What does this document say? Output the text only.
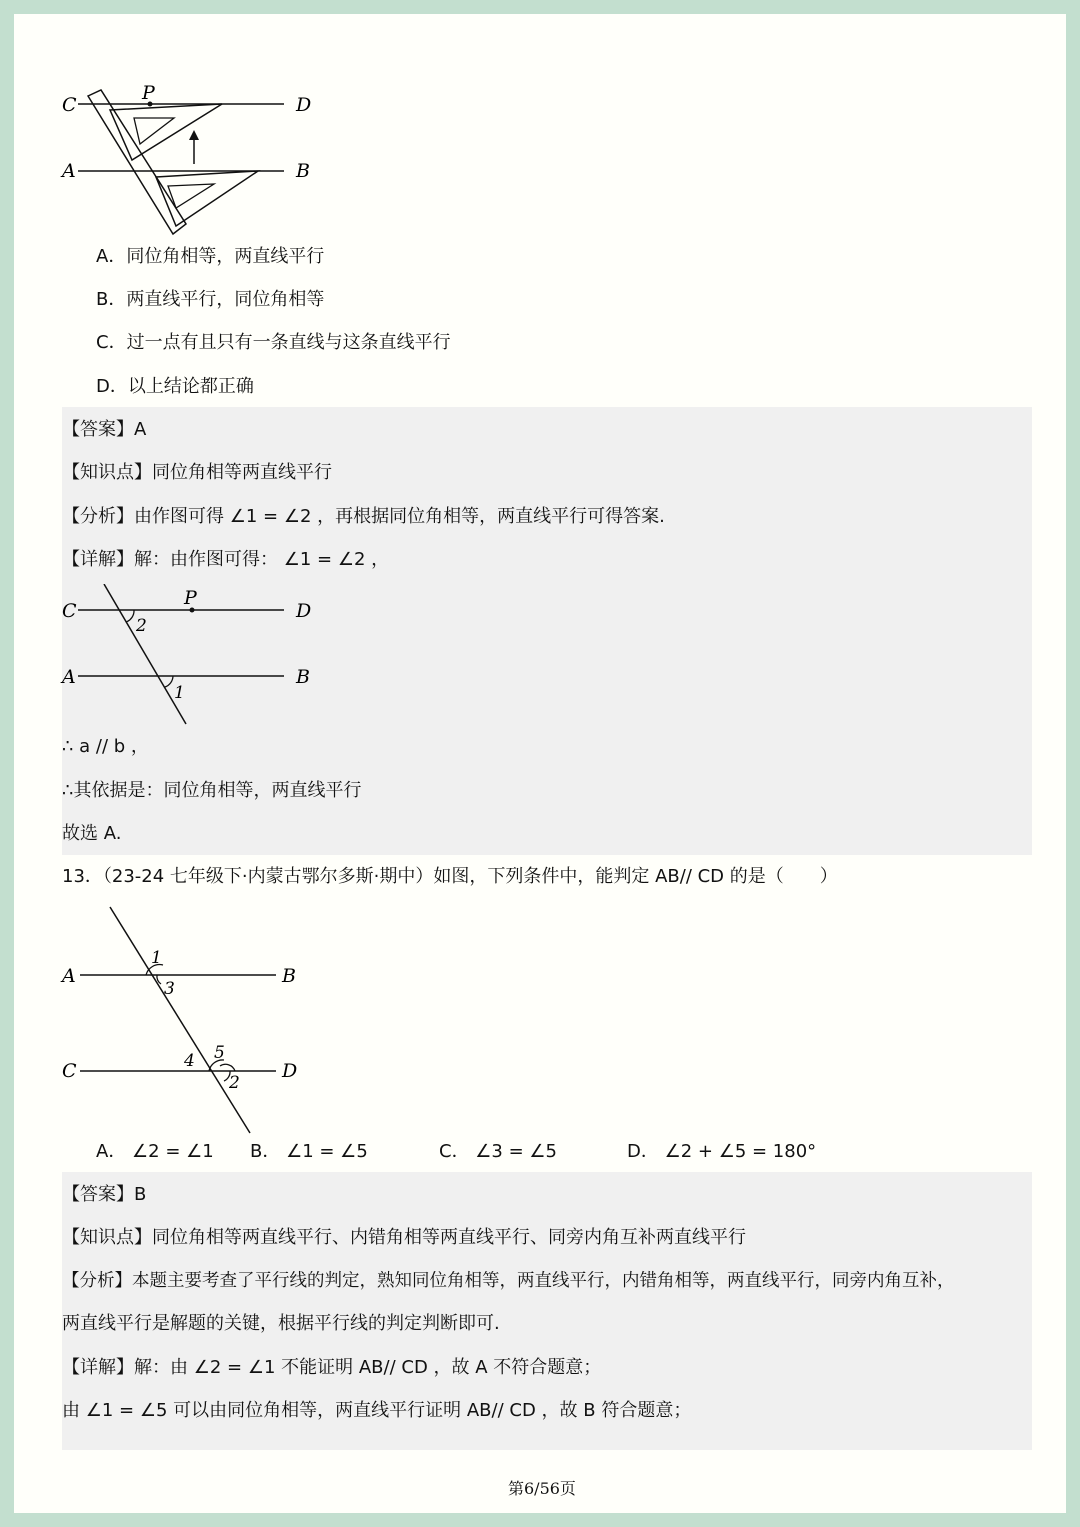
C	D
A	B
P
A．同位角相等，两直线平行
B．两直线平行，同位角相等
C．过一点有且只有一条直线与这条直线平行
D．以上结论都正确
【答案】A
【知识点】同位角相等两直线平行
【分析】由作图可得 ∠1 = ∠2 ，再根据同位角相等，两直线平行可得答案.
【详解】解：由作图可得： ∠1 = ∠2 ，
C	D
A	B
P
2
1
∴ a // b ，
∴其依据是：同位角相等，两直线平行
故选 A.
13．（23-24 七年级下·内蒙古鄂尔多斯·期中）如图，下列条件中，能判定 AB// CD 的是（　　）
A	B
C	D
1
3
4 5
2
A． ∠2 = ∠1 B． ∠1 = ∠5	C． ∠3 = ∠5	D． ∠2 + ∠5 = 180°
【答案】B
【知识点】同位角相等两直线平行、内错角相等两直线平行、同旁内角互补两直线平行
【分析】本题主要考查了平行线的判定，熟知同位角相等，两直线平行，内错角相等，两直线平行，同旁内角互补，
两直线平行是解题的关键，根据平行线的判定判断即可.
【详解】解：由 ∠2 = ∠1 不能证明 AB// CD ，故 A 不符合题意；
由 ∠1 = ∠5 可以由同位角相等，两直线平行证明 AB// CD ，故 B 符合题意；
第6/56页
